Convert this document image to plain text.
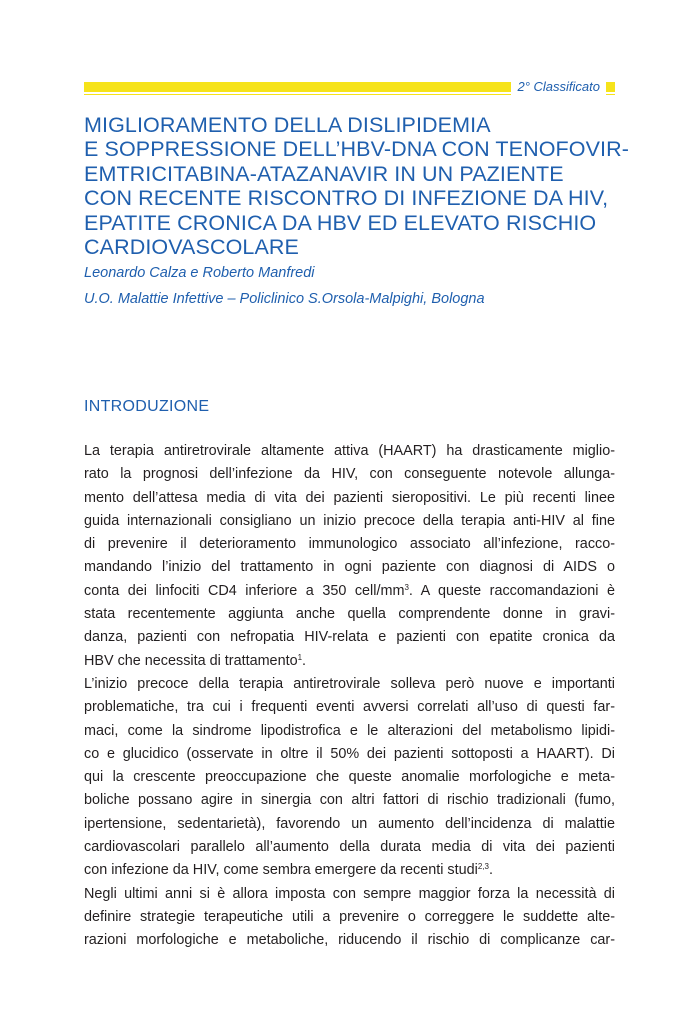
2° Classificato
MIGLIORAMENTO DELLA DISLIPIDEMIA
E SOPPRESSIONE DELL’HBV-DNA CON TENOFOVIR-
EMTRICITABINA-ATAZANAVIR IN UN PAZIENTE
CON RECENTE RISCONTRO DI INFEZIONE DA HIV,
EPATITE CRONICA DA HBV ED ELEVATO RISCHIO
CARDIOVASCOLARE
Leonardo Calza e Roberto Manfredi
U.O. Malattie Infettive – Policlinico S.Orsola-Malpighi, Bologna
INTRODUZIONE
La terapia antiretrovirale altamente attiva (HAART) ha drasticamente miglio-
rato la prognosi dell’infezione da HIV, con conseguente notevole allunga-
mento dell’attesa media di vita dei pazienti sieropositivi. Le più recenti linee
guida internazionali consigliano un inizio precoce della terapia anti-HIV al fine
di prevenire il deterioramento immunologico associato all’infezione, racco-
mandando l’inizio del trattamento in ogni paziente con diagnosi di AIDS o
conta dei linfociti CD4 inferiore a 350 cell/$mm^3$. A queste raccomandazioni è
stata recentemente aggiunta anche quella comprendente donne in gravi-
danza, pazienti con nefropatia HIV-relata e pazienti con epatite cronica da
HBV che necessita di trattamento$^1$.
L’inizio precoce della terapia antiretrovirale solleva però nuove e importanti
problematiche, tra cui i frequenti eventi avversi correlati all’uso di questi far-
maci, come la sindrome lipodistrofica e le alterazioni del metabolismo lipidi-
co e glucidico (osservate in oltre il 50% dei pazienti sottoposti a HAART). Di
qui la crescente preoccupazione che queste anomalie morfologiche e meta-
boliche possano agire in sinergia con altri fattori di rischio tradizionali (fumo,
ipertensione, sedentarietà), favorendo un aumento dell’incidenza di malattie
cardiovascolari parallelo all’aumento della durata media di vita dei pazienti
con infezione da HIV, come sembra emergere da recenti studi$^{2,3}$.
Negli ultimi anni si è allora imposta con sempre maggior forza la necessità di
definire strategie terapeutiche utili a prevenire o correggere le suddette alte-
razioni morfologiche e metaboliche, riducendo il rischio di complicanze car-
